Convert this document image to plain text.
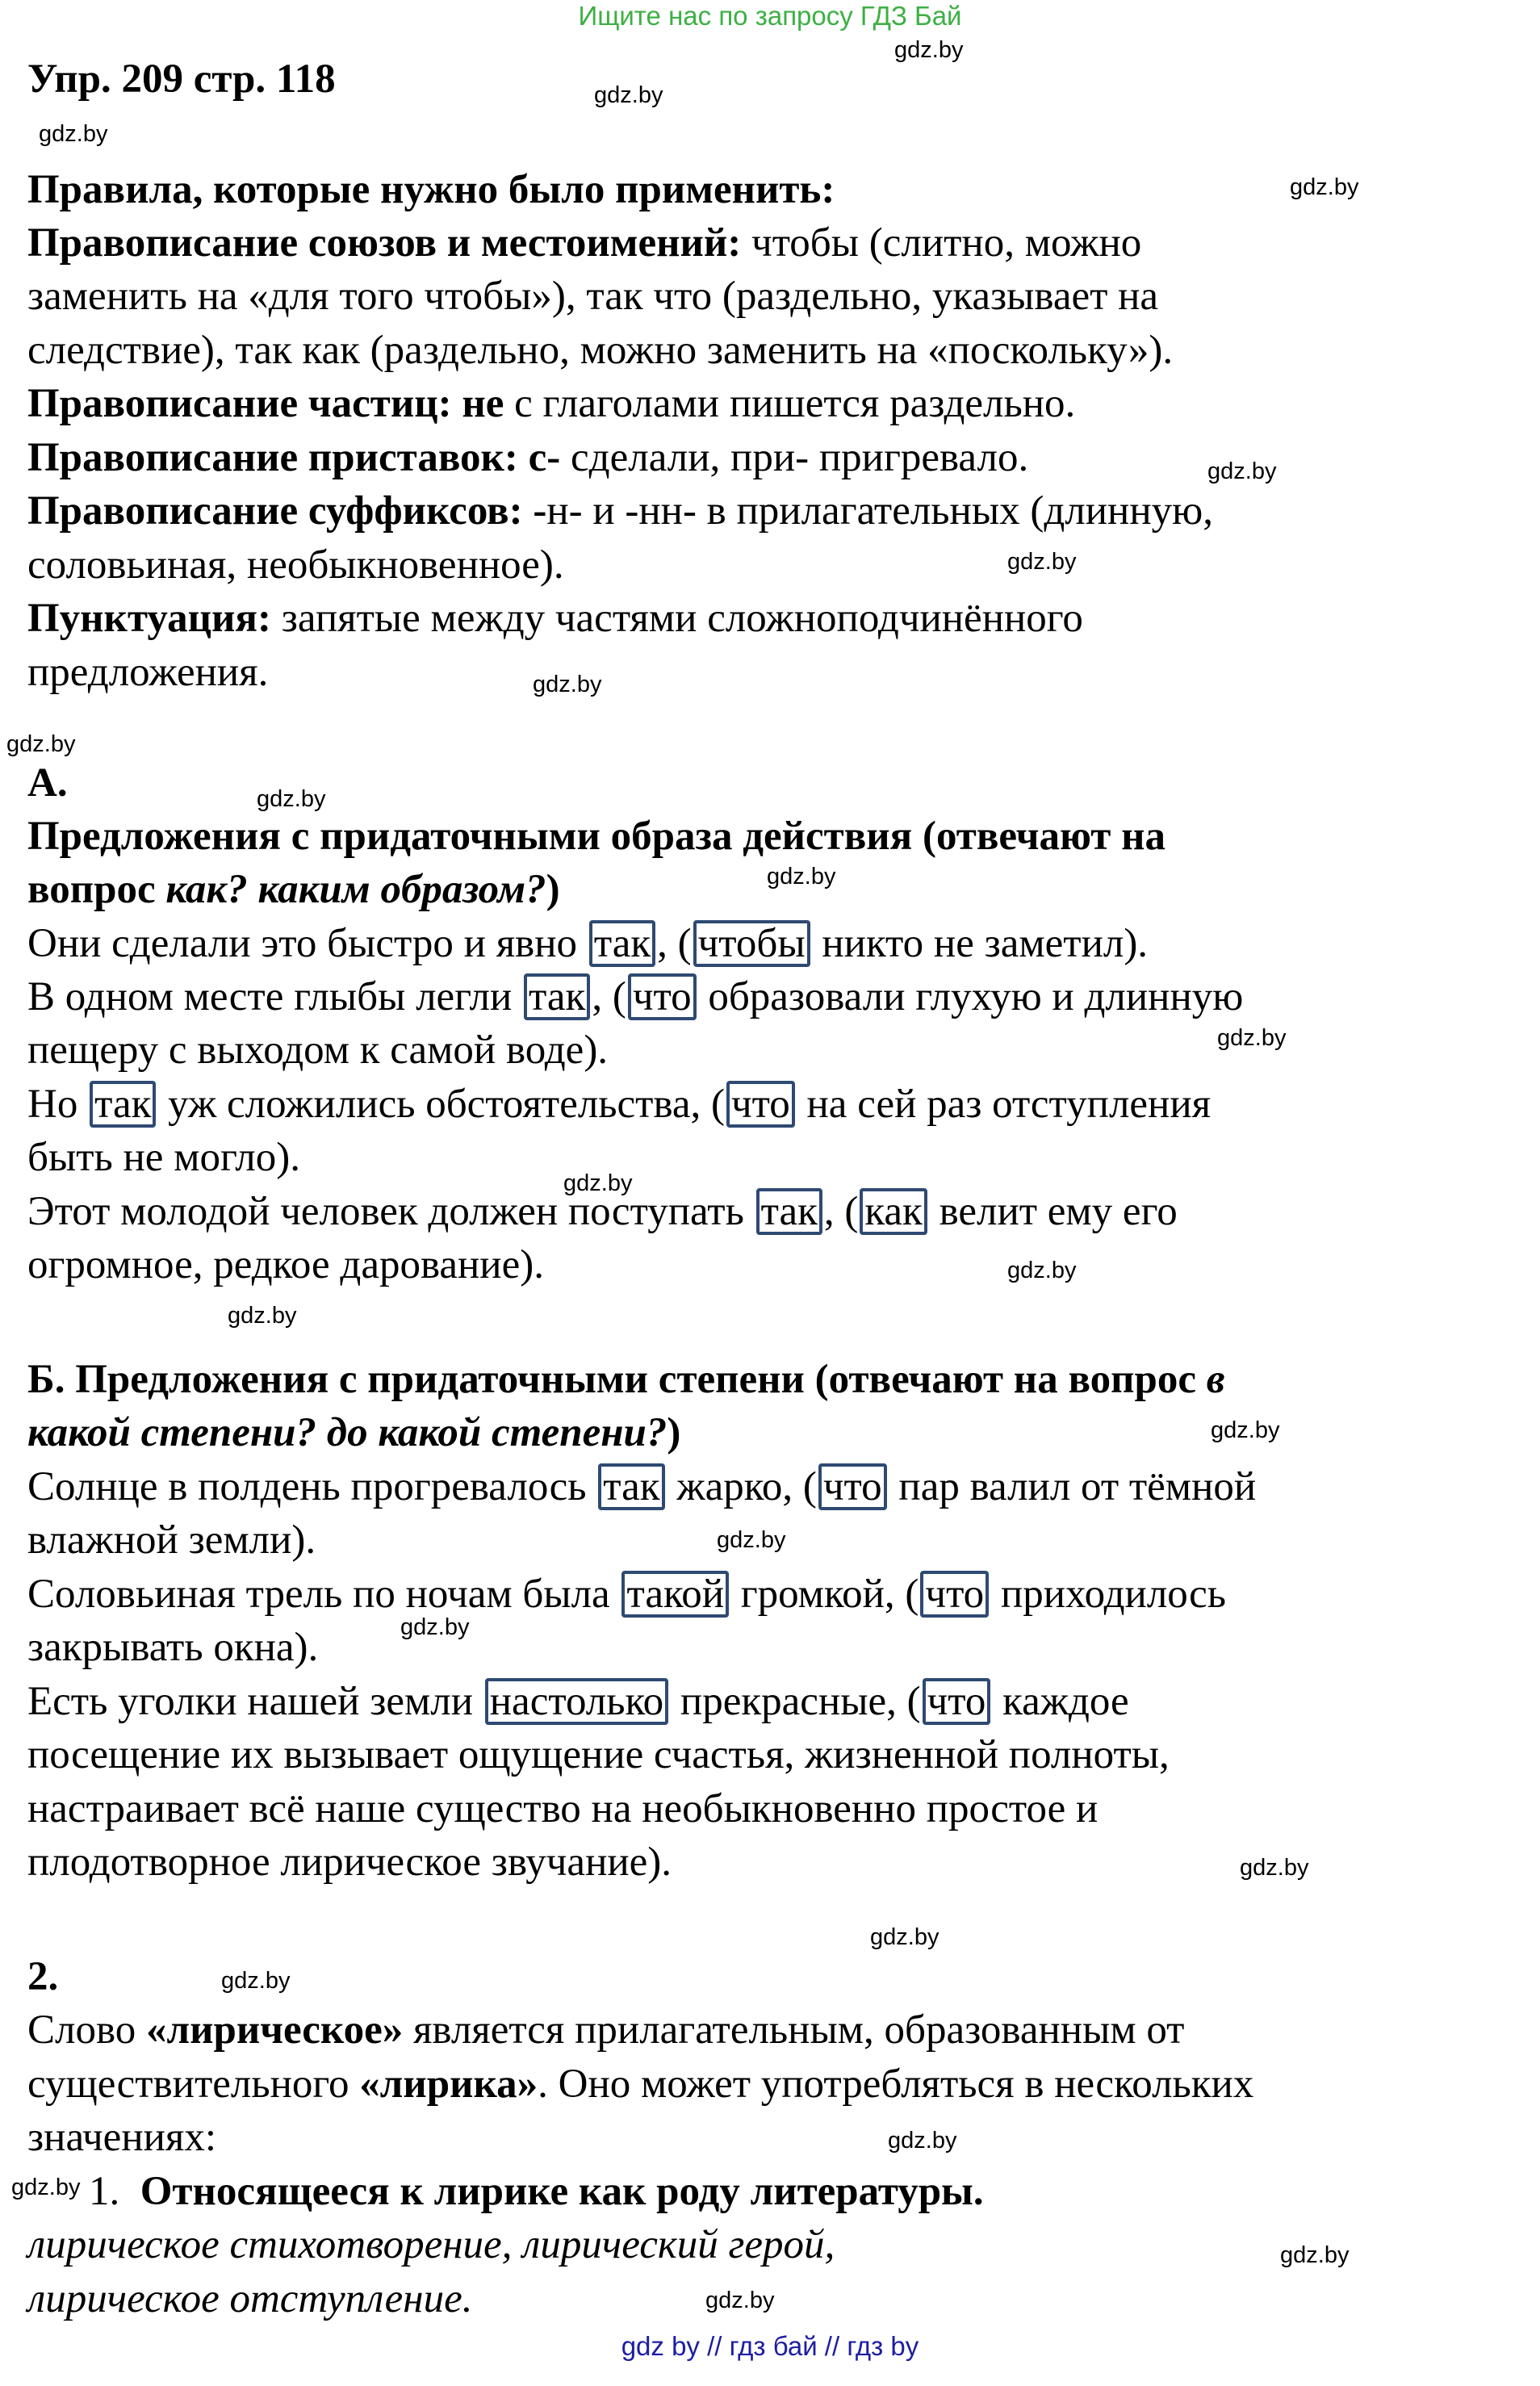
Ищите нас по запросу ГДЗ Бай
gdz.by
gdz.by
gdz.by
gdz.by
gdz.by
gdz.by
gdz.by
gdz.by
gdz.by
gdz.by
gdz.by
gdz.by
gdz.by
gdz.by
gdz.by
gdz.by
gdz.by
gdz.by
gdz.by
gdz.by
gdz.by
gdz.by
gdz.by
gdz.by
Упр. 209 стр. 118
Правила, которые нужно было применить:
Правописание союзов и местоимений: чтобы (слитно, можно
заменить на «для того чтобы»), так что (раздельно, указывает на
следствие), так как (раздельно, можно заменить на «поскольку»).
Правописание частиц: не с глаголами пишется раздельно.
Правописание приставок: с- сделали, при- пригревало.
Правописание суффиксов: -н- и -нн- в прилагательных (длинную,
соловьиная, необыкновенное).
Пунктуация: запятые между частями сложноподчинённого
предложения.
А.
Предложения с придаточными образа действия (отвечают на
вопрос как? каким образом?)
Они сделали это быстро и явно так , ( чтобы никто не заметил).
В одном месте глыбы легли так , ( что образовали глухую и длинную
пещеру с выходом к самой воде).
Но так уж сложились обстоятельства, ( что на сей раз отступления
быть не могло).
Этот молодой человек должен поступать так , ( как велит ему его
огромное, редкое дарование).
Б. Предложения с придаточными степени (отвечают на вопрос в
какой степени? до какой степени?)
Солнце в полдень прогревалось так жарко, ( что пар валил от тёмной
влажной земли).
Соловьиная трель по ночам была такой громкой, ( что приходилось
закрывать окна).
Есть уголки нашей земли настолько прекрасные, ( что каждое
посещение их вызывает ощущение счастья, жизненной полноты,
настраивает всё наше существо на необыкновенно простое и
плодотворное лирическое звучание).
2.
Слово «лирическое» является прилагательным, образованным от
существительного «лирика». Оно может употребляться в нескольких
значениях:
1. Относящееся к лирике как роду литературы.
лирическое стихотворение, лирический герой,
лирическое отступление.
gdz by // гдз бай // гдз by
